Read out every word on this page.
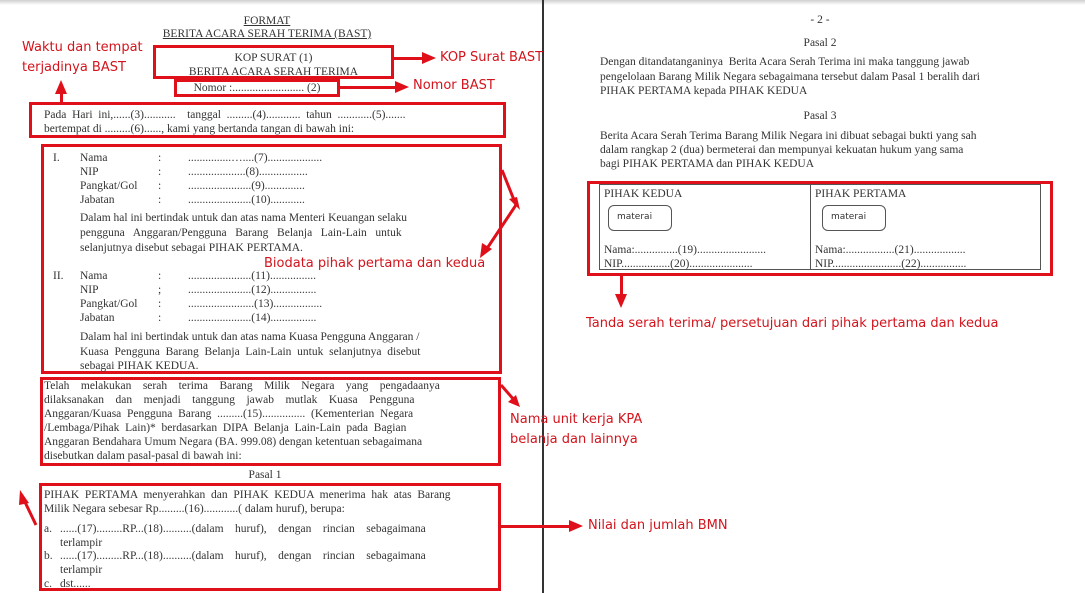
FORMAT
BERITA ACARA SERAH TERIMA (BAST)
KOP SURAT (1)
BERITA ACARA SERAH TERIMA
Nomor :......................... (2)
Pada  Hari  ini,......(3)...........    tanggal  .........(4)............  tahun  ............(5).......
bertempat di .........(6)......, kami yang bertanda tangan di bawah ini:
I. Nama	: ...............…....(7)...................
NIP	: ....................(8).................
Pangkat/Gol : ......................(9)..............
Jabatan	: ......................(10)............
Dalam hal ini bertindak untuk dan atas nama Menteri Keuangan selaku
pengguna   Anggaran/Pengguna   Barang   Belanja   Lain-Lain   untuk
selanjutnya disebut sebagai PIHAK PERTAMA.
II. Nama	: ......................(11)................
NIP	; ......................(12)................
Pangkat/Gol : .......................(13).................
Jabatan	: ......................(14)................
Dalam hal ini bertindak untuk dan atas nama Kuasa Pengguna Anggaran /
Kuasa  Pengguna  Barang  Belanja  Lain-Lain  untuk  selanjutnya  disebut
sebagai PIHAK KEDUA.
Telah    melakukan    serah    terima    Barang    Milik    Negara    yang    pengadaanya
dilaksanakan    dan    menjadi    tanggung    jawab    mutlak    Kuasa    Pengguna
Anggaran/Kuasa  Pengguna  Barang  .........(15)...............  (Kementerian  Negara
/Lembaga/Pihak  Lain)*  berdasarkan  DIPA  Belanja  Lain-Lain  pada  Bagian
Anggaran Bendahara Umum Negara (BA. 999.08) dengan ketentuan sebagaimana
disebutkan dalam pasal-pasal di bawah ini:
Pasal 1
PIHAK  PERTAMA  menyerahkan  dan  PIHAK  KEDUA  menerima  hak  atas  Barang
Milik Negara sebesar Rp.........(16)............( dalam huruf), berupa:
a. ......(17).........RP...(18)..........(dalam    huruf),    dengan    rincian    sebagaimana
terlampir
b. ......(17).........RP...(18)..........(dalam    huruf),    dengan    rincian    sebagaimana
terlampir
c. dst......
- 2 -
Pasal 2
Dengan ditandatanganinya  Berita Acara Serah Terima ini maka tanggung jawab
pengelolaan Barang Milik Negara sebagaimana tersebut dalam Pasal 1 beralih dari
PIHAK PERTAMA kepada PIHAK KEDUA
Pasal 3
Berita Acara Serah Terima Barang Milik Negara ini dibuat sebagai bukti yang sah
dalam rangkap 2 (dua) bermeterai dan mempunyai kekuatan hukum yang sama
bagi PIHAK PERTAMA dan PIHAK KEDUA
PIHAK KEDUA
materai
Nama:...............(19)........................
NIP.................(20)......................
PIHAK PERTAMA
materai
Nama:.................(21)..................
NIP........................(22)................
Waktu dan tempat
terjadinya BAST
KOP Surat BAST
Nomor BAST
Biodata pihak pertama dan kedua
Nama unit kerja KPA
belanja dan lainnya
Nilai dan jumlah BMN
Tanda serah terima/ persetujuan dari pihak pertama dan kedua
